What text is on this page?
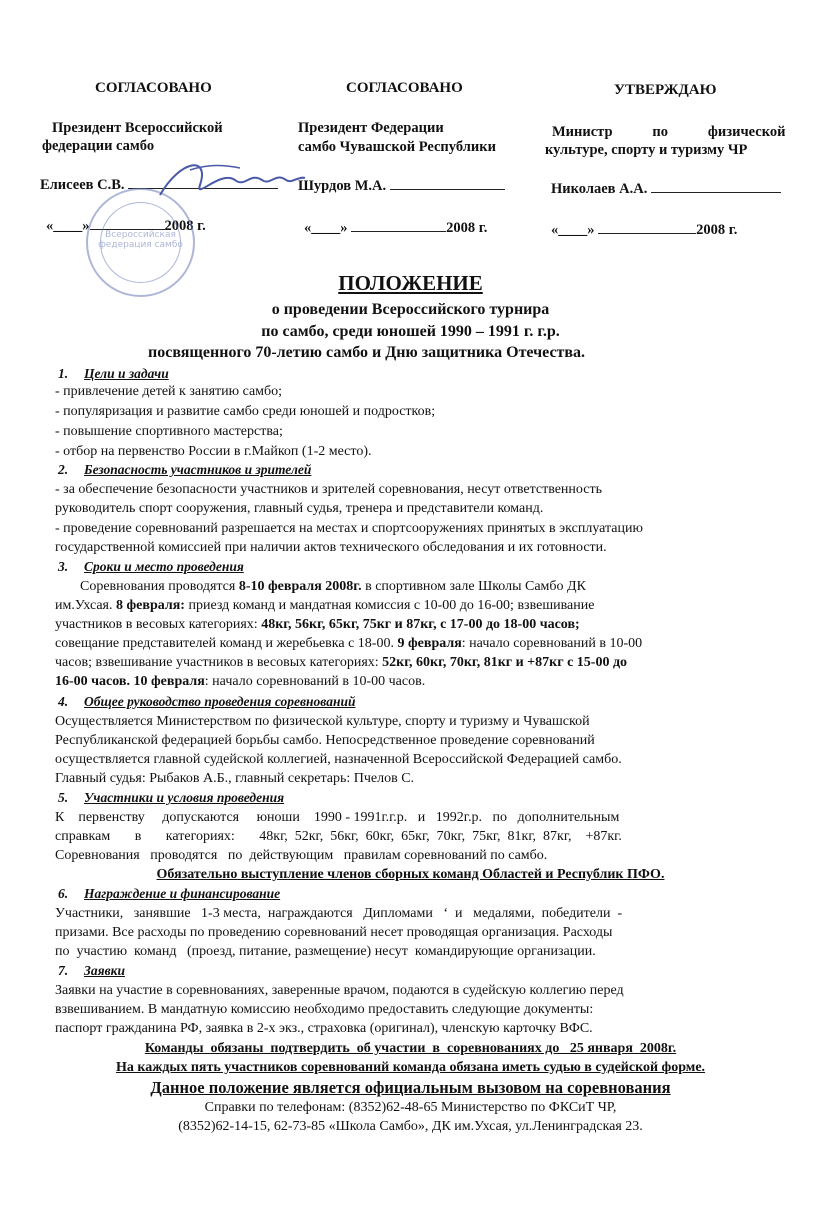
СОГЛАСОВАНО	СОГЛАСОВАНО	УТВЕРЖДАЮ
Президент Всероссийской
федерации самбо
Елисеев С.В.
«____»	2008 г.
Всероссийская федерация самбо
Президент Федерации
самбо Чувашской Республики
Шурдов М.А.
«____»	2008 г.
Министр           по           физической
культуре, спорту и туризму ЧР
Николаев А.А.
«____»	2008 г.
ПОЛОЖЕНИЕ
о проведении Всероссийского турнира
по самбо, среди юношей 1990 – 1991 г. г.р.
посвященного 70-летию самбо и Дню защитника Отечества.
1. Цели и задачи
- привлечение детей к занятию самбо;
- популяризация и развитие самбо среди юношей и подростков;
- повышение спортивного мастерства;
- отбор на первенство России в г.Майкоп (1-2 место).
2. Безопасность участников и зрителей
- за обеспечение безопасности участников и зрителей соревнования, несут ответственность
руководитель спорт сооружения, главный судья, тренера и представители команд.
- проведение соревнований разрешается на местах и спортсооружениях принятых в эксплуатацию
государственной комиссией при наличии актов технического обследования и их готовности.
3. Сроки и место проведения
Соревнования проводятся 8-10 февраля 2008г. в спортивном зале Школы Самбо ДК
им.Ухсая. 8 февраля: приезд команд и мандатная комиссия с 10-00 до 16-00; взвешивание
участников в весовых категориях: 48кг, 56кг, 65кг, 75кг и 87кг, с 17-00 до 18-00 часов;
совещание представителей команд и жеребьевка с 18-00. 9 февраля: начало соревнований в 10-00
часов; взвешивание участников в весовых категориях: 52кг, 60кг, 70кг, 81кг и +87кг с 15-00 до
16-00 часов. 10 февраля: начало соревнований в 10-00 часов.
4. Общее руководство проведения соревнований
Осуществляется Министерством по физической культуре, спорту и туризму и Чувашской
Республиканской федерацией борьбы самбо. Непосредственное проведение соревнований
осуществляется главной судейской коллегией, назначенной Всероссийской Федерацией самбо.
Главный судья: Рыбаков А.Б., главный секретарь: Пчелов С.
5. Участники и условия проведения
К    первенству     допускаются     юноши    1990 - 1991г.г.р.   и   1992г.р.   по   дополнительным
справкам       в       категориях:       48кг,  52кг,  56кг,  60кг,  65кг,  70кг,  75кг,  81кг,  87кг,    +87кг.
Соревнования   проводятся   по  действующим   правилам соревнований по самбо.
Обязательно выступление членов сборных команд Областей и Республик ПФО.
6. Награждение и финансирование
Участники,   занявшие   1-3 места,  награждаются   Дипломами   ‘  и   медалями,  победители  -
призами. Все расходы по проведению соревнований несет проводящая организация. Расходы
по  участию  команд   (проезд, питание, размещение) несут  командирующие организации.
7. Заявки
Заявки на участие в соревнованиях, заверенные врачом, подаются в судейскую коллегию перед
взвешиванием. В мандатную комиссию необходимо предоставить следующие документы:
паспорт гражданина РФ, заявка в 2-х экз., страховка (оригинал), членскую карточку ВФС.
Команды  обязаны  подтвердить  об участии  в  соревнованиях до   25 января  2008г.
На каждых пять участников соревнований команда обязана иметь судью в судейской форме.
Данное положение является официальным вызовом на соревнования
Справки по телефонам: (8352)62-48-65 Министерство по ФКСиТ ЧР,
(8352)62-14-15, 62-73-85 «Школа Самбо», ДК им.Ухсая, ул.Ленинградская 23.
